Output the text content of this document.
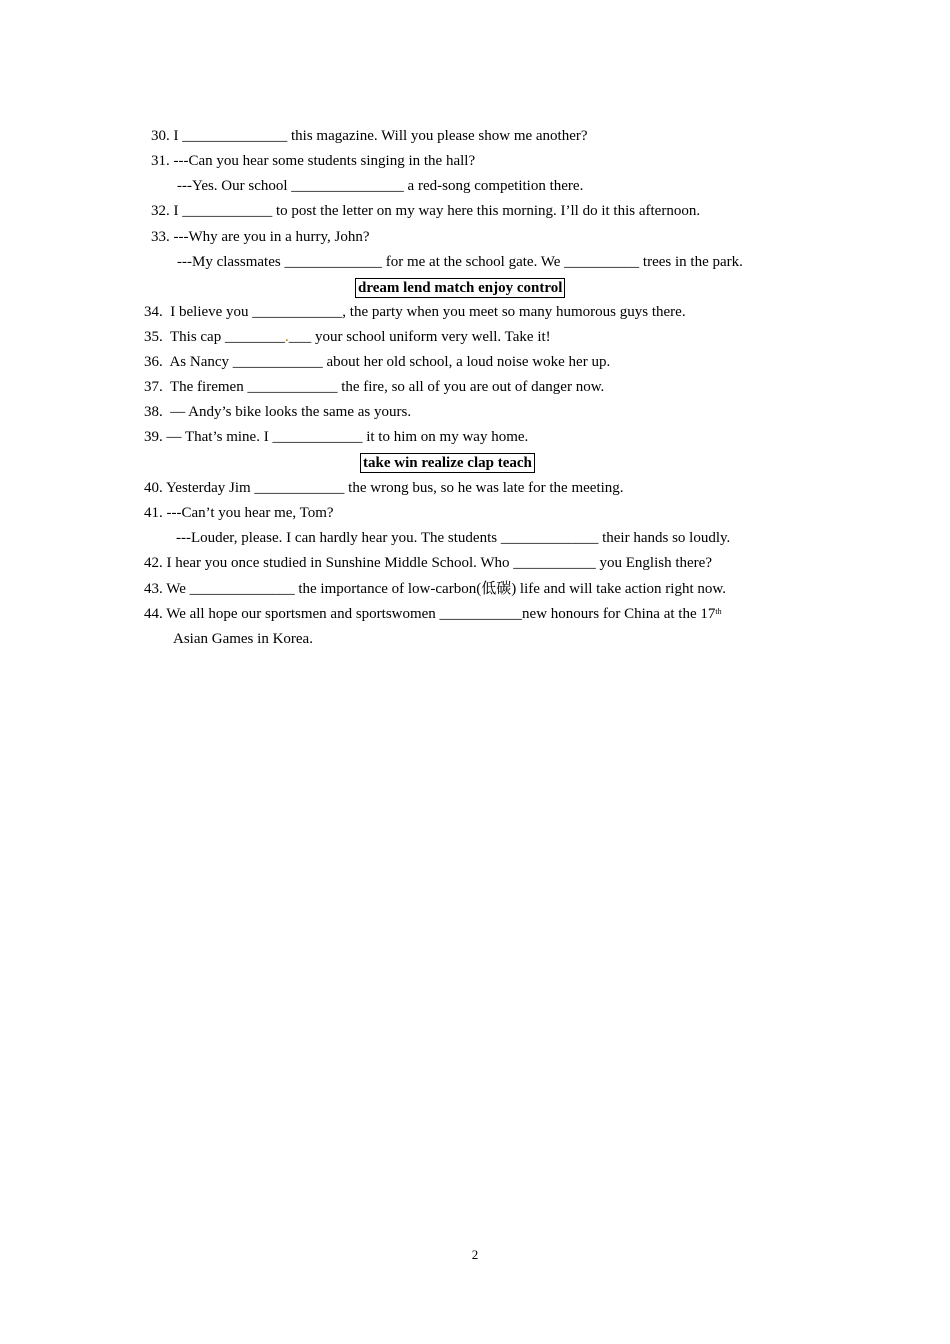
30. I ______________ this magazine. Will you please show me another?
31. ---Can you hear some students singing in the hall?
---Yes. Our school _______________ a red-song competition there.
32. I ____________ to post the letter on my way here this morning. I’ll do it this afternoon.
33. ---Why are you in a hurry, John?
---My classmates _____________ for me at the school gate. We __________ trees in the park.
dream lend match enjoy control
34. I believe you ____________, the party when you meet so many humorous guys there.
35. This cap ________.___ your school uniform very well. Take it!
36. As Nancy ____________ about her old school, a loud noise woke her up.
37. The firemen ____________ the fire, so all of you are out of danger now.
38. — Andy’s bike looks the same as yours.
39. — That’s mine. I ____________ it to him on my way home.
take win realize clap teach
40. Yesterday Jim ____________ the wrong bus, so he was late for the meeting.
41. ---Can’t you hear me, Tom?
---Louder, please. I can hardly hear you. The students _____________ their hands so loudly.
42. I hear you once studied in Sunshine Middle School. Who ___________ you English there?
43. We ______________ the importance of low-carbon(低碳) life and will take action right now.
44. We all hope our sportsmen and sportswomen ___________new honours for China at the 17th
Asian Games in Korea.
2
